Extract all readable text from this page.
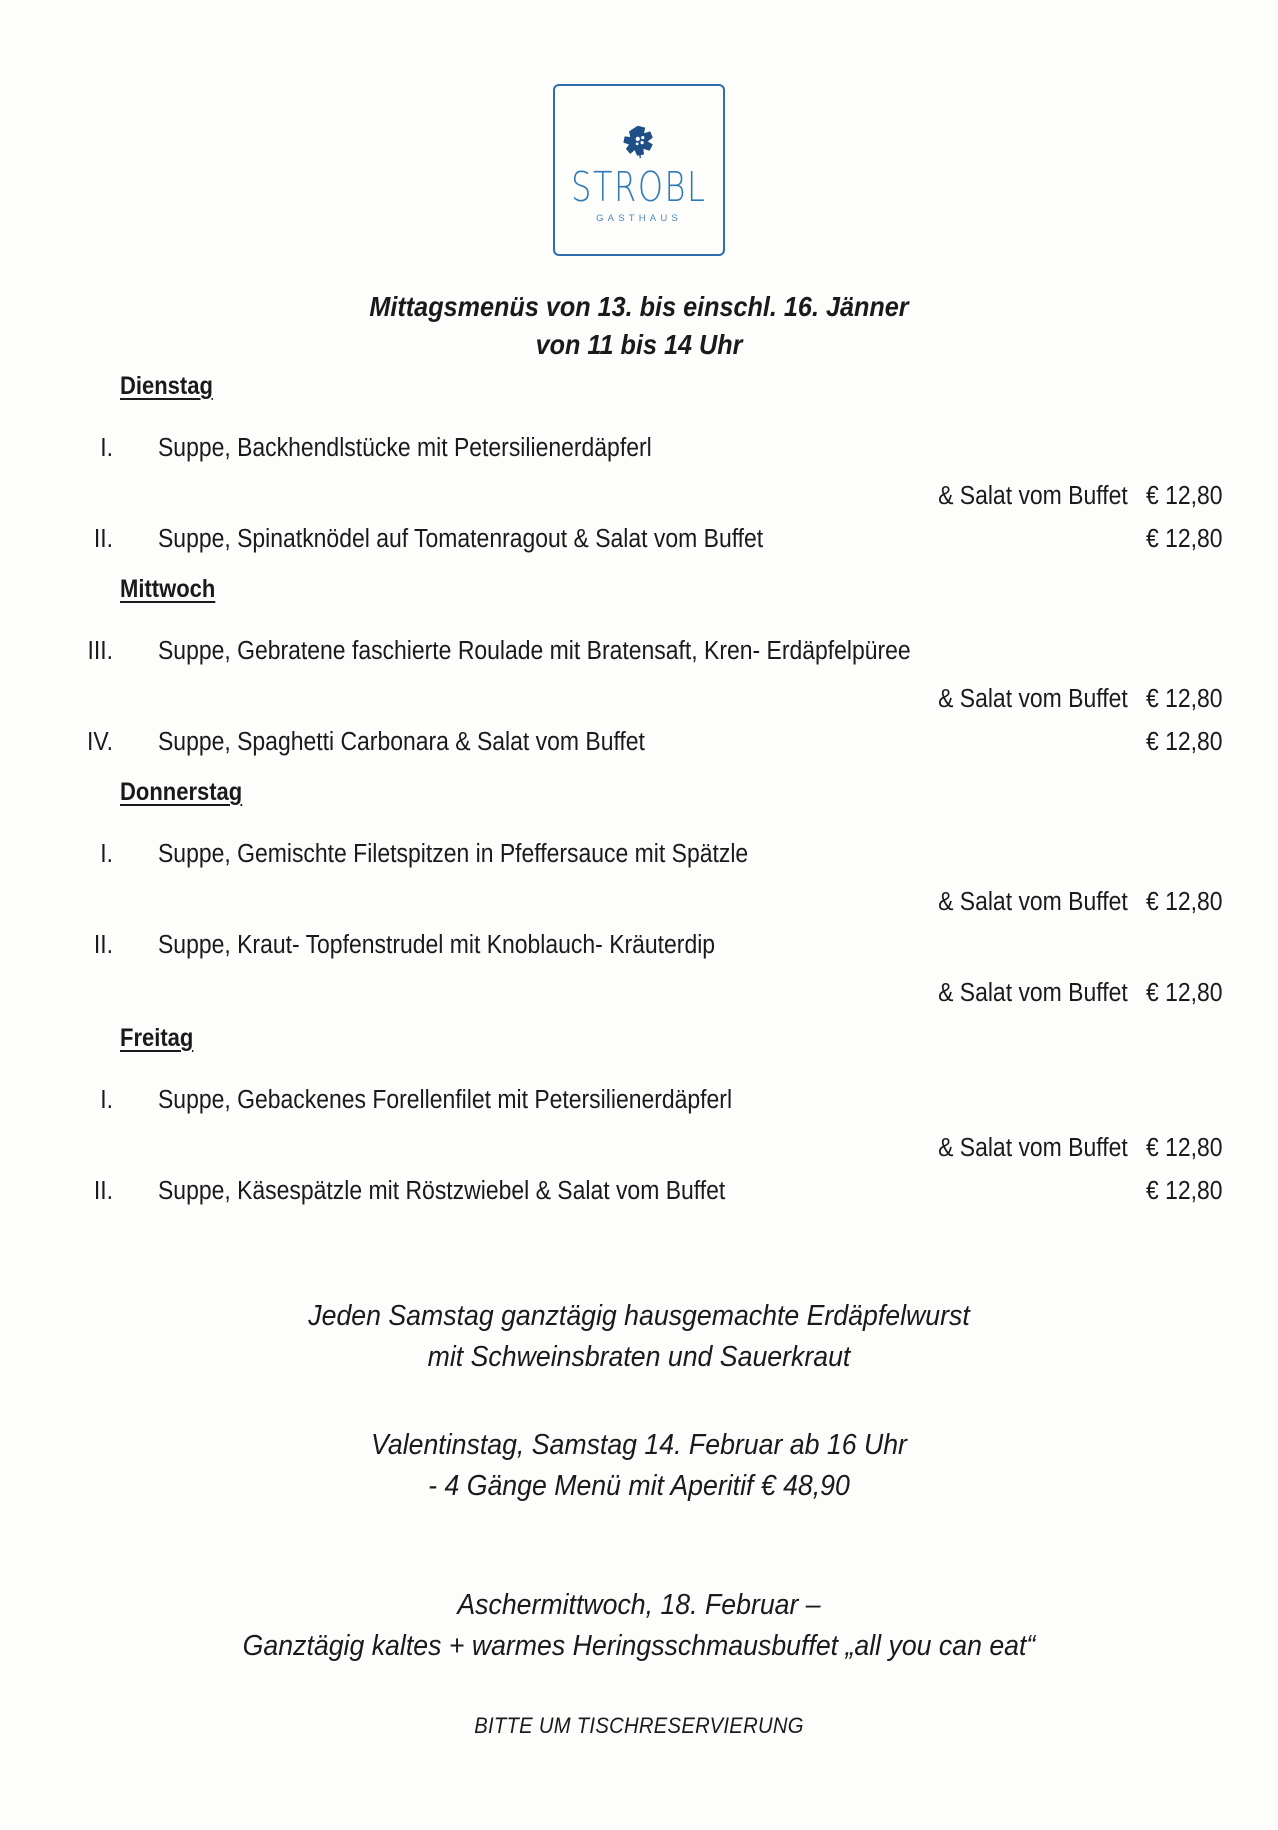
STROBL
GASTHAUS
Mittagsmenüs von 13. bis einschl. 16. Jänner
von 11 bis 14 Uhr
Dienstag
I.	Suppe, Backhendlstücke mit Petersilienerdäpferl
& Salat vom Buffet € 12,80
II.	Suppe, Spinatknödel auf Tomatenragout & Salat vom Buffet	€ 12,80
Mittwoch
III.	Suppe, Gebratene faschierte Roulade mit Bratensaft, Kren- Erdäpfelpüree
& Salat vom Buffet € 12,80
IV.	Suppe, Spaghetti Carbonara & Salat vom Buffet	€ 12,80
Donnerstag
I.	Suppe, Gemischte Filetspitzen in Pfeffersauce mit Spätzle
& Salat vom Buffet € 12,80
II.	Suppe, Kraut- Topfenstrudel mit Knoblauch- Kräuterdip
& Salat vom Buffet € 12,80
Freitag
I.	Suppe, Gebackenes Forellenfilet mit Petersilienerdäpferl
& Salat vom Buffet € 12,80
II.	Suppe, Käsespätzle mit Röstzwiebel & Salat vom Buffet	€ 12,80
Jeden Samstag ganztägig hausgemachte Erdäpfelwurst
mit Schweinsbraten und Sauerkraut
Valentinstag, Samstag 14. Februar ab 16 Uhr
- 4 Gänge Menü mit Aperitif € 48,90
Aschermittwoch, 18. Februar –
Ganztägig kaltes + warmes Heringsschmausbuffet „all you can eat“
BITTE UM TISCHRESERVIERUNG
